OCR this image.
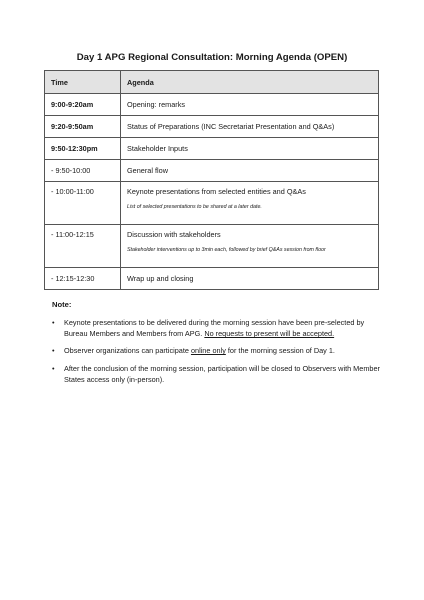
Day 1 APG Regional Consultation: Morning Agenda (OPEN)
Time	Agenda
9:00-9:20am	Opening: remarks
9:20-9:50am	Status of Preparations (INC Secretariat Presentation and Q&As)
9:50-12:30pm	Stakeholder Inputs
- 9:50-10:00	General flow
- 10:00-11:00	Keynote presentations from selected entities and Q&As
List of selected presentations to be shared at a later date.

- 11:00-12:15	Discussion with stakeholders
Stakeholder interventions up to 3min each, followed by brief Q&As session from floor

- 12:15-12:30	Wrap up and closing
Note:
• Keynote presentations to be delivered during the morning session have been pre-selected by Bureau Members and Members from APG. No requests to present will be accepted.
• Observer organizations can participate online only for the morning session of Day 1.
• After the conclusion of the morning session, participation will be closed to Observers with Member States access only (in-person).
